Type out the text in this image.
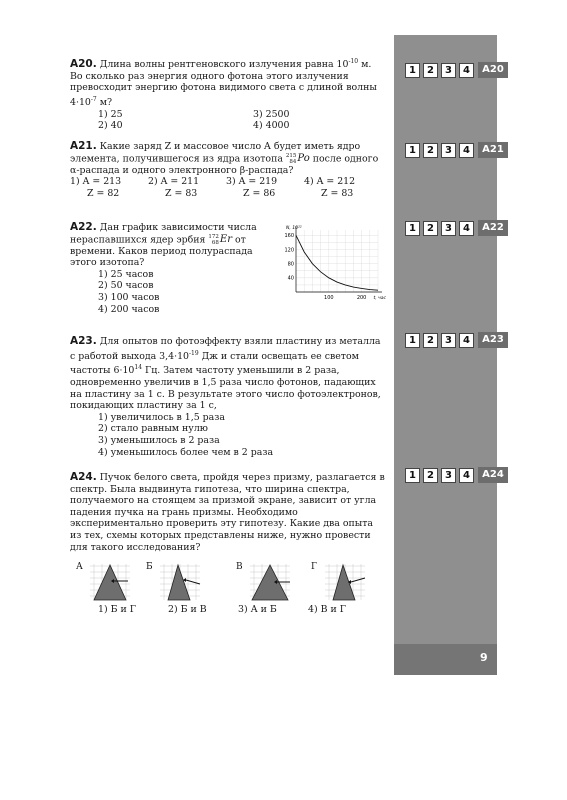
9
1	2	3	4	A20
1	2	3	4	A21
1	2	3	4	A22
1	2	3	4	A23
1	2	3	4	A24
A20. Длина волны рентгеновского излучения равна $10^{-10}$ м. Во сколько раз энергия одного фотона этого излучения превосходит энергию фотона видимого света с длиной волны $4\cdot 10^{-7}$ м?
1) 25	3) 2500
2) 40	4) 4000
A21. Какие заряд Z и массовое число A будет иметь ядро элемента, получившегося из ядра изотопа 215
84 Po после одного α-распада и одного электронного β-распада?
1) A = 213
Z = 82
2) A = 211
Z = 83
3) A = 219
Z = 86
4) A = 212
Z = 83
A22. Дан график зависимости числа нераспавшихся ядер эрбия 172
68 Er от времени. Каков период полураспада этого изотопа?
1) 25 часов
2) 50 часов
3) 100 часов
4) 200 часов
40
80
120
160
100	200 t, час
N, 10²²
A23. Для опытов по фотоэффекту взяли пластину из металла с работой выхода $3,4\cdot 10^{-19}$ Дж и стали освещать ее светом частоты $6\cdot 10^{14}$ Гц. Затем частоту уменьшили в 2 раза, одновременно увеличив в 1,5 раза число фотонов, падающих на пластину за 1 с. В результате этого число фотоэлектронов, покидающих пластину за 1 с,
1) увеличилось в 1,5 раза
2) стало равным нулю
3) уменьшилось в 2 раза
4) уменьшилось более чем в 2 раза
A24. Пучок белого света, пройдя через призму, разлагается в спектр. Была выдвинута гипотеза, что ширина спектра, получаемого на стоящем за призмой экране, зависит от угла падения пучка на грань призмы. Необходимо экспериментально проверить эту гипотезу. Какие два опыта из тех, схемы которых представлены ниже, нужно провести для такого исследования?
А	Б	В	Г
1) Б и Г	2) Б и В	3) А и Б	4) В и Г
